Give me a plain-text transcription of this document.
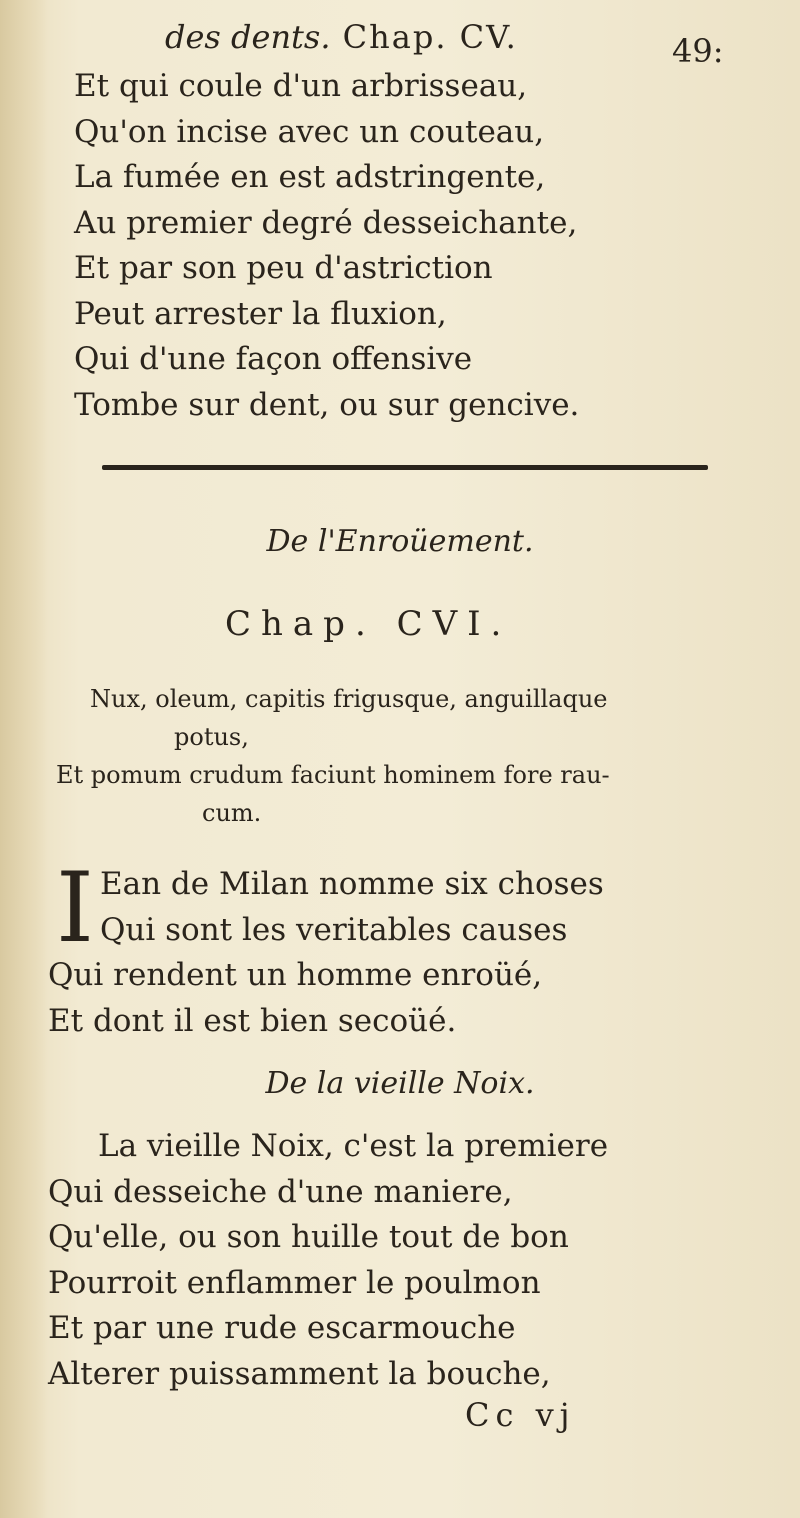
des dents. Chap. CV.	49:
Et qui coule d'un arbrisseau,
Qu'on incise avec un couteau,
La fumée en est adstringente,
Au premier degré desseichante,
Et par son peu d'astriction
Peut arrester la fluxion,
Qui d'une façon offensive
Tombe sur dent, ou sur gencive.
De l'Enroüement.
Chap. CVI.
Nux, oleum, capitis frigusque, anguillaque
potus,
Et pomum crudum faciunt hominem fore rau-
cum.
I Ean de Milan nomme six choses
Qui sont les veritables causes
Qui rendent un homme enroüé,
Et dont il est bien secoüé.
De la vieille Noix.
La vieille Noix, c'est la premiere
Qui desseiche d'une maniere,
Qu'elle, ou son huille tout de bon
Pourroit enflammer le poulmon
Et par une rude escarmouche
Alterer puissamment la bouche,
Cc vj
